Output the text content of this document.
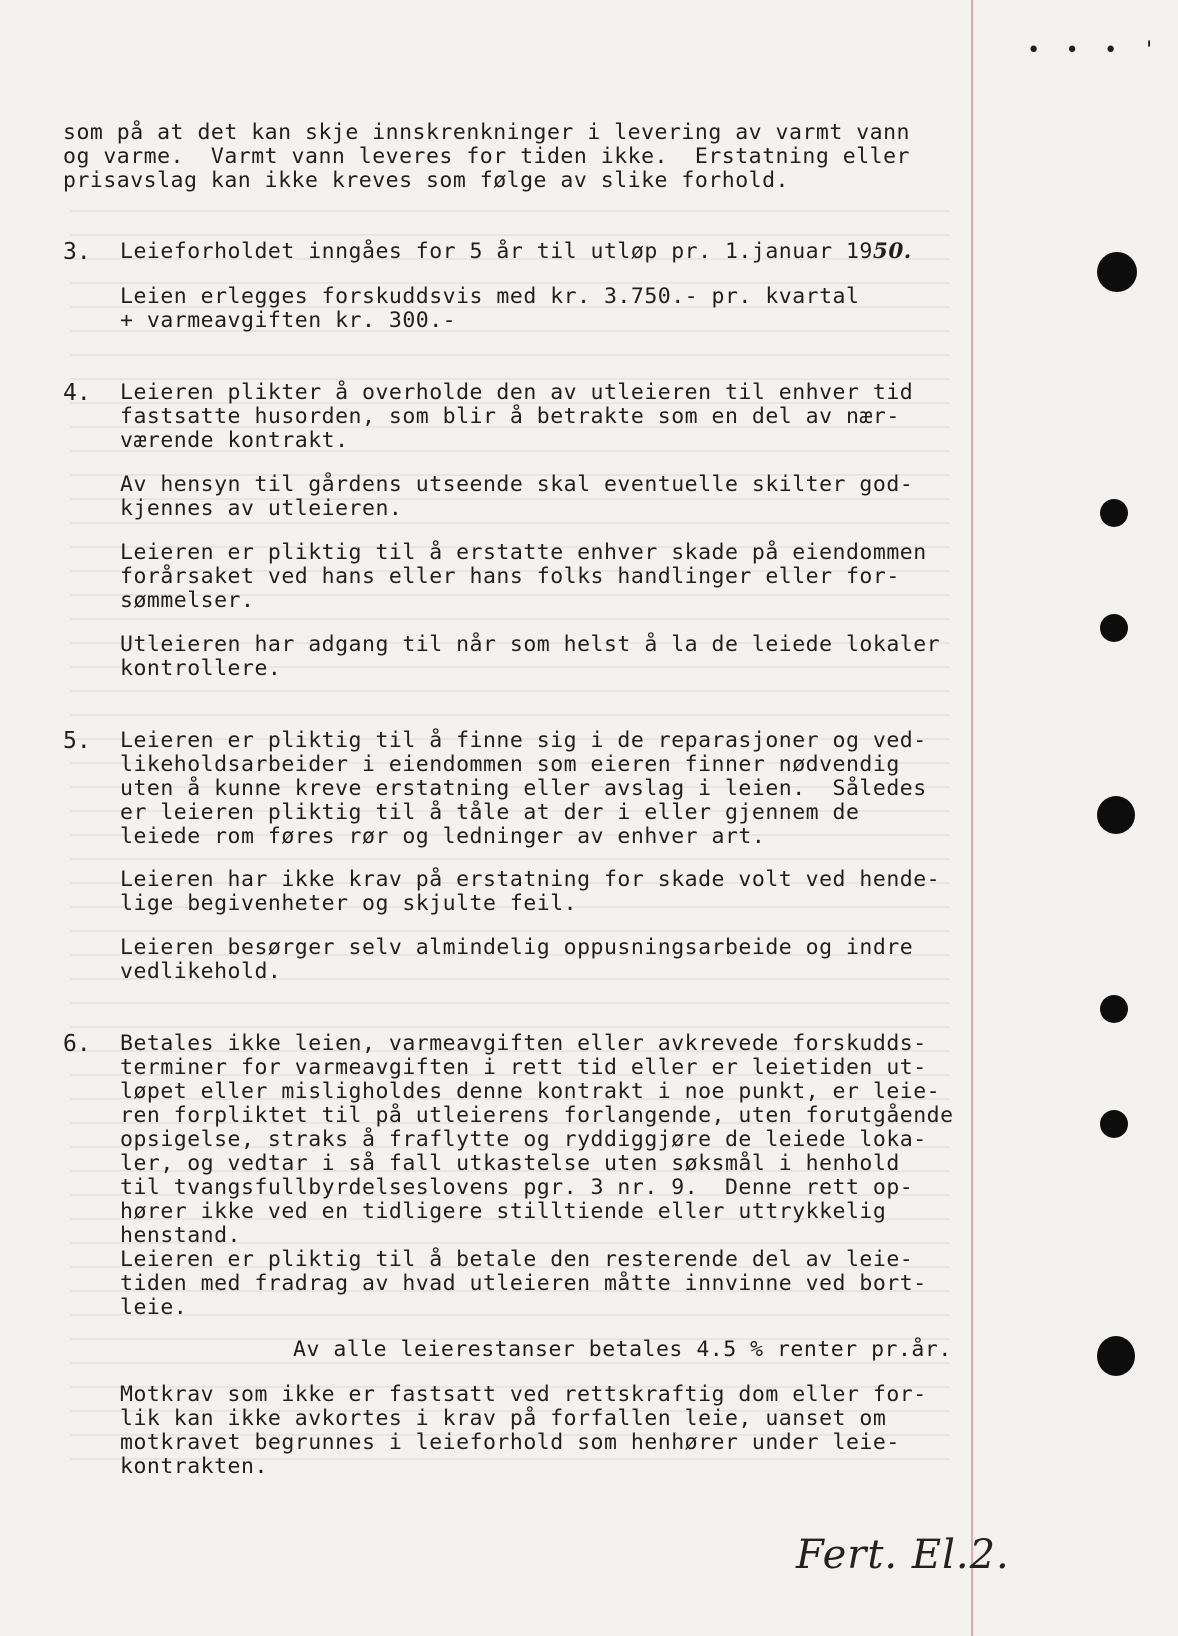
• • • '
som på at det kan skje innskrenkninger i levering av varmt vann
og varme.  Varmt vann leveres for tiden ikke.  Erstatning eller
prisavslag kan ikke kreves som følge av slike forhold.
3. Leieforholdet inngåes for 5 år til utløp pr. 1.januar 1950.
Leien erlegges forskuddsvis med kr. 3.750.- pr. kvartal
+ varmeavgiften kr. 300.-
4. Leieren plikter å overholde den av utleieren til enhver tid
fastsatte husorden, som blir å betrakte som en del av nær-
værende kontrakt.
Av hensyn til gårdens utseende skal eventuelle skilter god-
kjennes av utleieren.
Leieren er pliktig til å erstatte enhver skade på eiendommen
forårsaket ved hans eller hans folks handlinger eller for-
sømmelser.
Utleieren har adgang til når som helst å la de leiede lokaler
kontrollere.
5. Leieren er pliktig til å finne sig i de reparasjoner og ved-
likeholdsarbeider i eiendommen som eieren finner nødvendig
uten å kunne kreve erstatning eller avslag i leien.  Således
er leieren pliktig til å tåle at der i eller gjennem de
leiede rom føres rør og ledninger av enhver art.
Leieren har ikke krav på erstatning for skade volt ved hende-
lige begivenheter og skjulte feil.
Leieren besørger selv almindelig oppusningsarbeide og indre
vedlikehold.
6. Betales ikke leien, varmeavgiften eller avkrevede forskudds-
terminer for varmeavgiften i rett tid eller er leietiden ut-
løpet eller misligholdes denne kontrakt i noe punkt, er leie-
ren forpliktet til på utleierens forlangende, uten forutgående
opsigelse, straks å fraflytte og ryddiggjøre de leiede loka-
ler, og vedtar i så fall utkastelse uten søksmål i henhold
til tvangsfullbyrdelseslovens pgr. 3 nr. 9.  Denne rett op-
hører ikke ved en tidligere stilltiende eller uttrykkelig
henstand.
Leieren er pliktig til å betale den resterende del av leie-
tiden med fradrag av hvad utleieren måtte innvinne ved bort-
leie.
Av alle leierestanser betales 4.5 % renter pr.år.
Motkrav som ikke er fastsatt ved rettskraftig dom eller for-
lik kan ikke avkortes i krav på forfallen leie, uanset om
motkravet begrunnes i leieforhold som henhører under leie-
kontrakten.
Fert. El.2.
